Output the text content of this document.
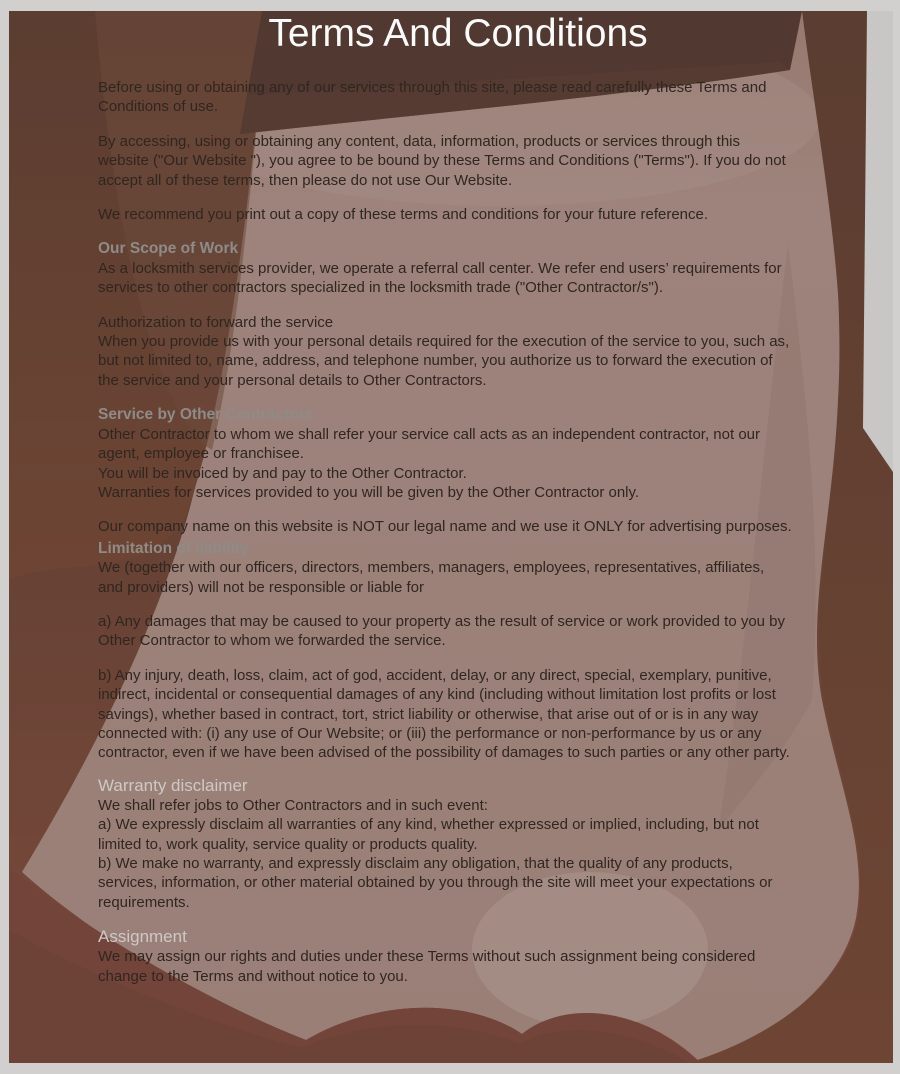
Terms And Conditions
Before using or obtaining any of our services through this site, please read carefully these Terms and Conditions of use.
By accessing, using or obtaining any content, data, information, products or services through this website ("Our Website "), you agree to be bound by these Terms and Conditions ("Terms"). If you do not accept all of these terms, then please do not use Our Website.
We recommend you print out a copy of these terms and conditions for your future reference.
Our Scope of Work
As a locksmith services provider, we operate a referral call center. We refer end users’ requirements for services to other contractors specialized in the locksmith trade ("Other Contractor/s").
Authorization to forward the service
When you provide us with your personal details required for the execution of the service to you, such as, but not limited to, name, address, and telephone number, you authorize us to forward the execution of the service and your personal details to Other Contractors.
Service by Other Contractors
Other Contractor to whom we shall refer your service call acts as an independent contractor, not our agent, employee or franchisee.
You will be invoiced by and pay to the Other Contractor.
Warranties for services provided to you will be given by the Other Contractor only.
Our company name on this website is NOT our legal name and we use it ONLY for advertising purposes.
Limitation of liability
We (together with our officers, directors, members, managers, employees, representatives, affiliates, and providers) will not be responsible or liable for
a) Any damages that may be caused to your property as the result of service or work provided to you by Other Contractor to whom we forwarded the service.
b) Any injury, death, loss, claim, act of god, accident, delay, or any direct, special, exemplary, punitive, indirect, incidental or consequential damages of any kind (including without limitation lost profits or lost savings), whether based in contract, tort, strict liability or otherwise, that arise out of or is in any way connected with: (i) any use of Our Website; or (iii) the performance or non-performance by us or any contractor, even if we have been advised of the possibility of damages to such parties or any other party.
Warranty disclaimer
We shall refer jobs to Other Contractors and in such event:
a) We expressly disclaim all warranties of any kind, whether expressed or implied, including, but not limited to, work quality, service quality or products quality.
b) We make no warranty, and expressly disclaim any obligation, that the quality of any products, services, information, or other material obtained by you through the site will meet your expectations or requirements.
Assignment
We may assign our rights and duties under these Terms without such assignment being considered change to the Terms and without notice to you.
